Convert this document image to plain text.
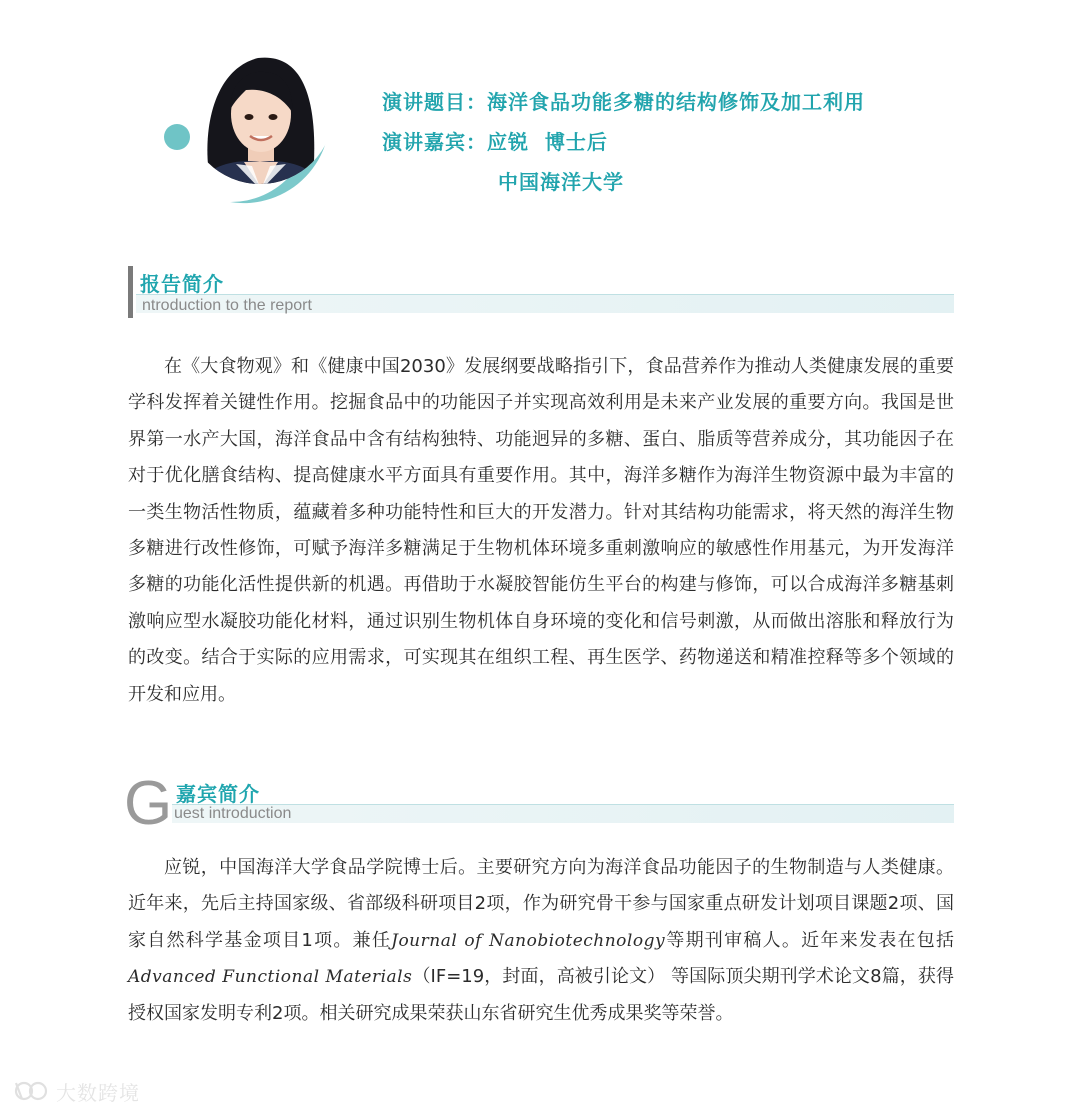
演讲题目：海洋食品功能多糖的结构修饰及加工利用
演讲嘉宾：应锐  博士后
中国海洋大学
报告简介
ntroduction to the report

在《大食物观》和《健康中国2030》发展纲要战略指引下，食品营养作为推动人类健康发展的重要学科发挥着关键性作用。挖掘食品中的功能因子并实现高效利用是未来产业发展的重要方向。我国是世界第一水产大国，海洋食品中含有结构独特、功能迥异的多糖、蛋白、脂质等营养成分，其功能因子在对于优化膳食结构、提高健康水平方面具有重要作用。其中，海洋多糖作为海洋生物资源中最为丰富的一类生物活性物质，蕴藏着多种功能特性和巨大的开发潜力。针对其结构功能需求，将天然的海洋生物多糖进行改性修饰，可赋予海洋多糖满足于生物机体环境多重刺激响应的敏感性作用基元，为开发海洋多糖的功能化活性提供新的机遇。再借助于水凝胶智能仿生平台的构建与修饰，可以合成海洋多糖基刺激响应型水凝胶功能化材料，通过识别生物机体自身环境的变化和信号刺激，从而做出溶胀和释放行为的改变。结合于实际的应用需求，可实现其在组织工程、再生医学、药物递送和精准控释等多个领域的开发和应用。

G 嘉宾简介
uest introduction

应锐，中国海洋大学食品学院博士后。主要研究方向为海洋食品功能因子的生物制造与人类健康。近年来，先后主持国家级、省部级科研项目2项，作为研究骨干参与国家重点研发计划项目课题2项、国家自然科学基金项目1项。兼任Journal of Nanobiotechnology等期刊审稿人。近年来发表在包括Advanced Functional Materials（IF=19，封面，高被引论文） 等国际顶尖期刊学术论文8篇，获得授权国家发明专利2项。相关研究成果荣获山东省研究生优秀成果奖等荣誉。

大数跨境
